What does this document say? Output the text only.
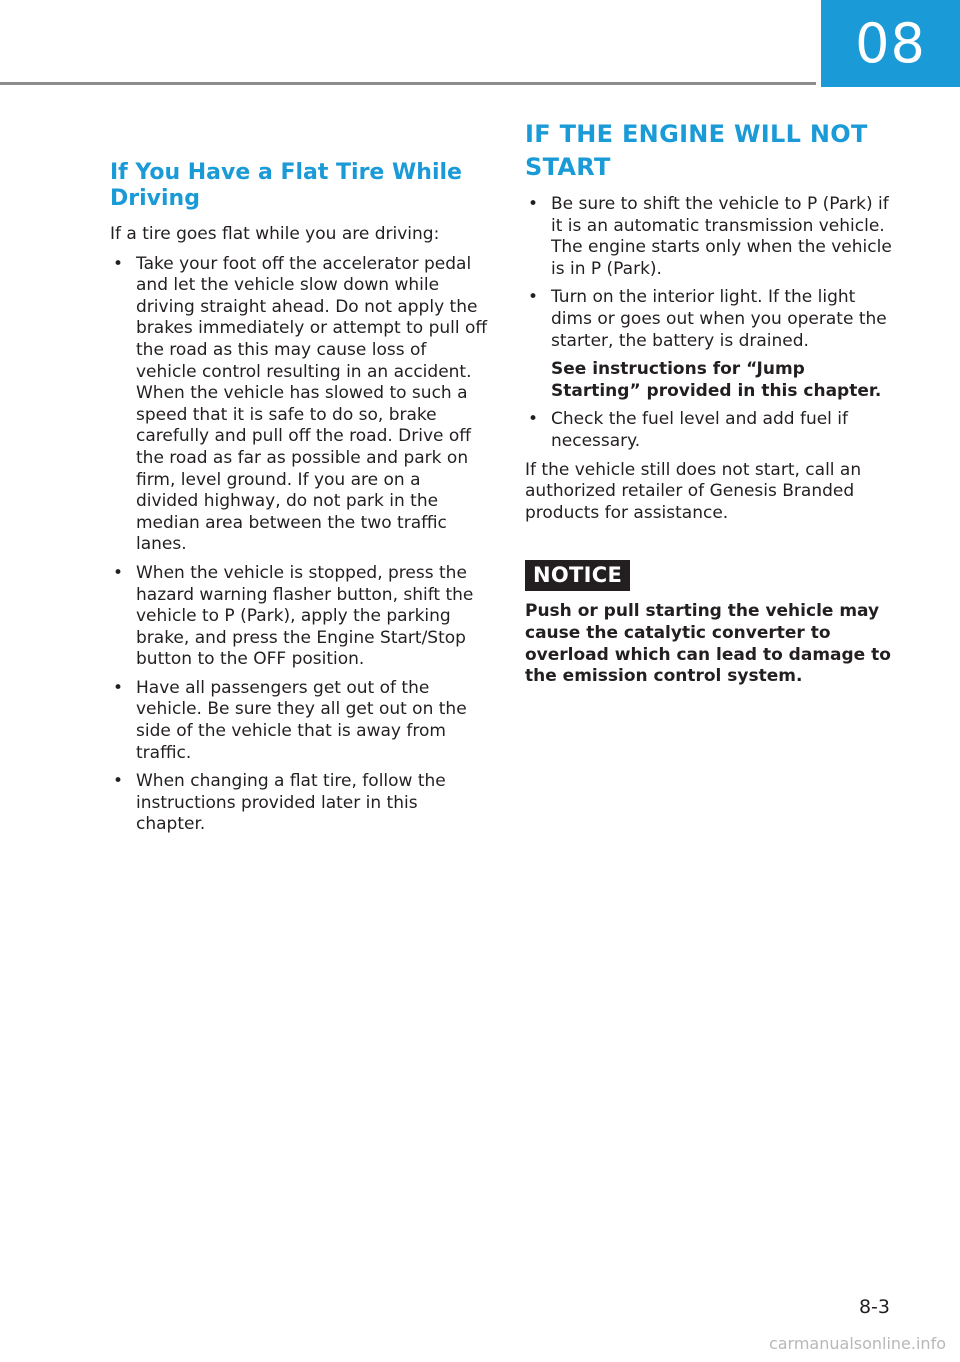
08
If You Have a Flat Tire While Driving

If a tire goes flat while you are driving:

• Take your foot off the accelerator pedal and let the vehicle slow down while driving straight ahead. Do not apply the brakes immediately or attempt to pull off the road as this may cause loss of vehicle control resulting in an accident. When the vehicle has slowed to such a speed that it is safe to do so, brake carefully and pull off the road. Drive off the road as far as possible and park on firm, level ground. If you are on a divided highway, do not park in the median area between the two traffic lanes.
• When the vehicle is stopped, press the hazard warning flasher button, shift the vehicle to P (Park), apply the parking brake, and press the Engine Start/Stop button to the OFF position.
• Have all passengers get out of the vehicle. Be sure they all get out on the side of the vehicle that is away from traffic.
• When changing a flat tire, follow the instructions provided later in this chapter.
IF THE ENGINE WILL NOT START
• Be sure to shift the vehicle to P (Park) if it is an automatic transmission vehicle. The engine starts only when the vehicle is in P (Park).
• Turn on the interior light. If the light dims or goes out when you operate the starter, the battery is drained.
See instructions for “Jump Starting” provided in this chapter.
• Check the fuel level and add fuel if necessary.

If the vehicle still does not start, call an authorized retailer of Genesis Branded products for assistance.

NOTICE

Push or pull starting the vehicle may cause the catalytic converter to overload which can lead to damage to the emission control system.

8-3
carmanualsonline.info
